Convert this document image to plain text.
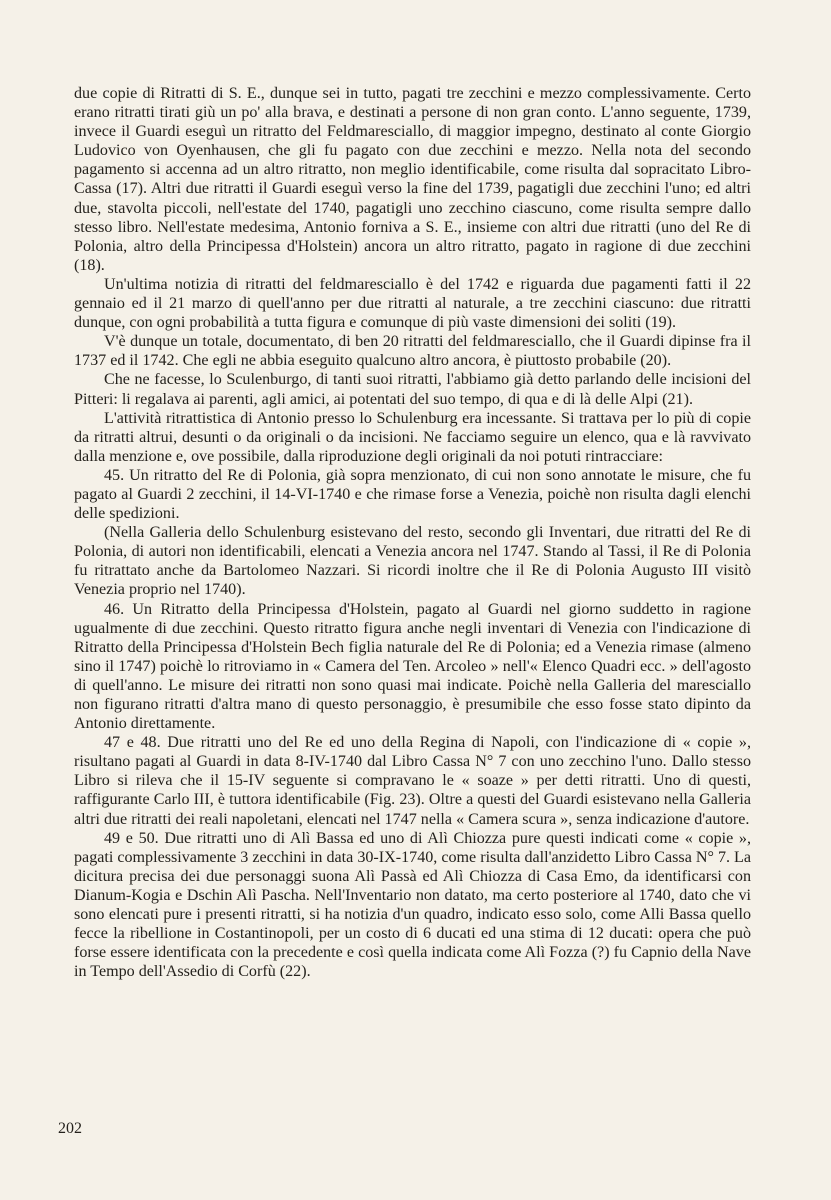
due copie di Ritratti di S. E., dunque sei in tutto, pagati tre zecchini e mezzo complessivamente. Certo erano ritratti tirati giù un po' alla brava, e destinati a persone di non gran conto. L'anno seguente, 1739, invece il Guardi eseguì un ritratto del Feldmaresciallo, di maggior impegno, destinato al conte Giorgio Ludovico von Oyenhausen, che gli fu pagato con due zecchini e mezzo. Nella nota del secondo pagamento si accenna ad un altro ritratto, non meglio identificabile, come risulta dal sopracitato Libro-Cassa (17). Altri due ritratti il Guardi eseguì verso la fine del 1739, pagatigli due zecchini l'uno; ed altri due, stavolta piccoli, nell'estate del 1740, pagatigli uno zecchino ciascuno, come risulta sempre dallo stesso libro. Nell'estate medesima, Antonio forniva a S. E., insieme con altri due ritratti (uno del Re di Polonia, altro della Principessa d'Holstein) ancora un altro ritratto, pagato in ragione di due zecchini (18).

Un'ultima notizia di ritratti del feldmaresciallo è del 1742 e riguarda due pagamenti fatti il 22 gennaio ed il 21 marzo di quell'anno per due ritratti al naturale, a tre zecchini ciascuno: due ritratti dunque, con ogni probabilità a tutta figura e comunque di più vaste dimensioni dei soliti (19).

V'è dunque un totale, documentato, di ben 20 ritratti del feldmaresciallo, che il Guardi dipinse fra il 1737 ed il 1742. Che egli ne abbia eseguito qualcuno altro ancora, è piuttosto probabile (20).

Che ne facesse, lo Sculenburgo, di tanti suoi ritratti, l'abbiamo già detto parlando delle incisioni del Pitteri: li regalava ai parenti, agli amici, ai potentati del suo tempo, di qua e di là delle Alpi (21).

L'attività ritrattistica di Antonio presso lo Schulenburg era incessante. Si trattava per lo più di copie da ritratti altrui, desunti o da originali o da incisioni. Ne facciamo seguire un elenco, qua e là ravvivato dalla menzione e, ove possibile, dalla riproduzione degli originali da noi potuti rintracciare:

45. Un ritratto del Re di Polonia, già sopra menzionato, di cui non sono annotate le misure, che fu pagato al Guardi 2 zecchini, il 14-VI-1740 e che rimase forse a Venezia, poichè non risulta dagli elenchi delle spedizioni.

(Nella Galleria dello Schulenburg esistevano del resto, secondo gli Inventari, due ritratti del Re di Polonia, di autori non identificabili, elencati a Venezia ancora nel 1747. Stando al Tassi, il Re di Polonia fu ritrattato anche da Bartolomeo Nazzari. Si ricordi inoltre che il Re di Polonia Augusto III visitò Venezia proprio nel 1740).

46. Un Ritratto della Principessa d'Holstein, pagato al Guardi nel giorno suddetto in ragione ugualmente di due zecchini. Questo ritratto figura anche negli inventari di Venezia con l'indicazione di Ritratto della Principessa d'Holstein Bech figlia naturale del Re di Polonia; ed a Venezia rimase (almeno sino il 1747) poichè lo ritroviamo in « Camera del Ten. Arcoleo » nell'« Elenco Quadri ecc. » dell'agosto di quell'anno. Le misure dei ritratti non sono quasi mai indicate. Poichè nella Galleria del maresciallo non figurano ritratti d'altra mano di questo personaggio, è presumibile che esso fosse stato dipinto da Antonio direttamente.

47 e 48. Due ritratti uno del Re ed uno della Regina di Napoli, con l'indicazione di « copie », risultano pagati al Guardi in data 8-IV-1740 dal Libro Cassa N° 7 con uno zecchino l'uno. Dallo stesso Libro si rileva che il 15-IV seguente si compravano le « soaze » per detti ritratti. Uno di questi, raffigurante Carlo III, è tuttora identificabile (Fig. 23). Oltre a questi del Guardi esistevano nella Galleria altri due ritratti dei reali napoletani, elencati nel 1747 nella « Camera scura », senza indicazione d'autore.

49 e 50. Due ritratti uno di Alì Bassa ed uno di Alì Chiozza pure questi indicati come « copie », pagati complessivamente 3 zecchini in data 30-IX-1740, come risulta dall'anzidetto Libro Cassa N° 7. La dicitura precisa dei due personaggi suona Alì Passà ed Alì Chiozza di Casa Emo, da identificarsi con Dianum-Kogia e Dschin Alì Pascha. Nell'Inventario non datato, ma certo posteriore al 1740, dato che vi sono elencati pure i presenti ritratti, si ha notizia d'un quadro, indicato esso solo, come Alli Bassa quello fecce la ribellione in Costantinopoli, per un costo di 6 ducati ed una stima di 12 ducati: opera che può forse essere identificata con la precedente e così quella indicata come Alì Fozza (?) fu Capnio della Nave in Tempo dell'Assedio di Corfù (22).

202
